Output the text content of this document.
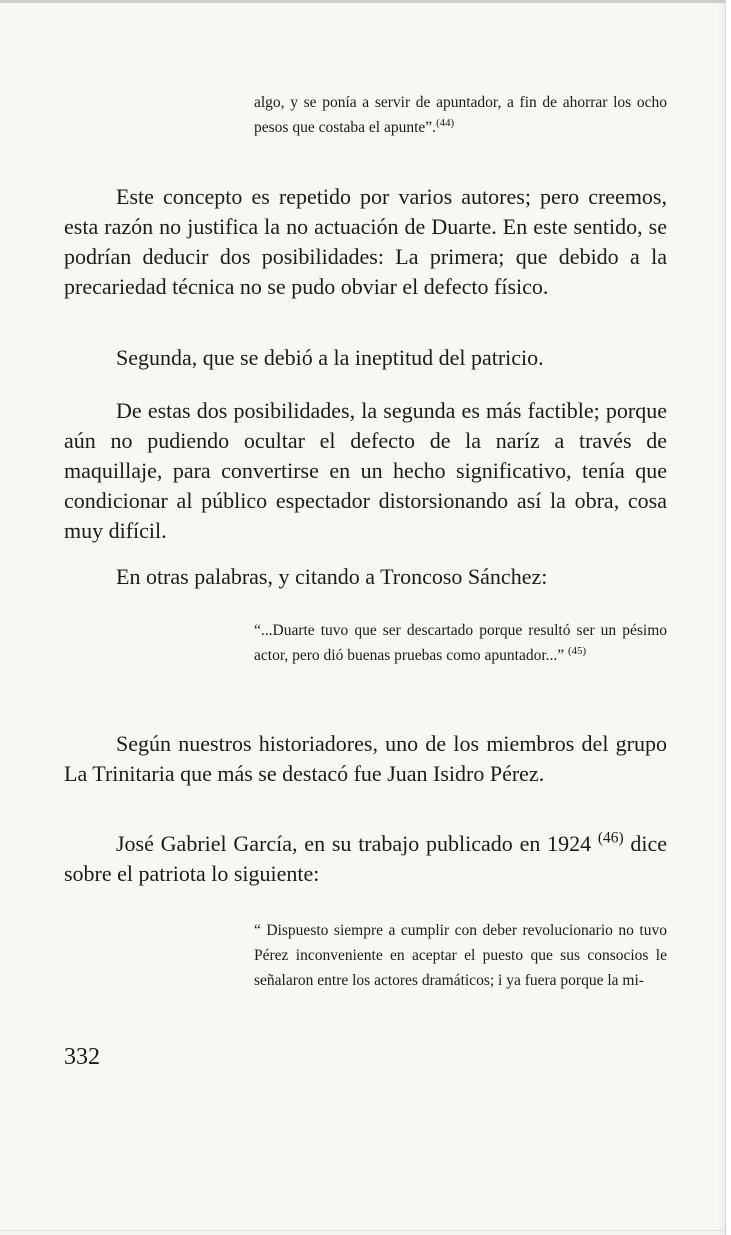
algo, y se ponía a servir de apuntador, a fin de ahorrar los ocho pesos que costaba el apunte”.$^{(44)}$

Este concepto es repetido por varios autores; pero creemos, esta razón no justifica la no actuación de Duarte. En este sentido, se podrían deducir dos posibilidades: La primera; que debido a la precariedad técnica no se pudo obviar el defecto físico.

Segunda, que se debió a la ineptitud del patricio.

De estas dos posibilidades, la segunda es más factible; porque aún no pudiendo ocultar el defecto de la naríz a través de maquillaje, para convertirse en un hecho significativo, tenía que condicionar al público espectador distorsionando así la obra, cosa muy difícil.

En otras palabras, y citando a Troncoso Sánchez:

“...Duarte tuvo que ser descartado porque resultó ser un pésimo actor, pero dió buenas pruebas como apuntador...” $^{(45)}$

Según nuestros historiadores, uno de los miembros del grupo La Trinitaria que más se destacó fue Juan Isidro Pérez.

José Gabriel García, en su trabajo publicado en 1924 $^{(46)}$ dice sobre el patriota lo siguiente:

“ Dispuesto siempre a cumplir con deber revolucionario no tuvo Pérez inconveniente en aceptar el puesto que sus consocios le señalaron entre los actores dramáticos; i ya fuera porque la mi-

332
